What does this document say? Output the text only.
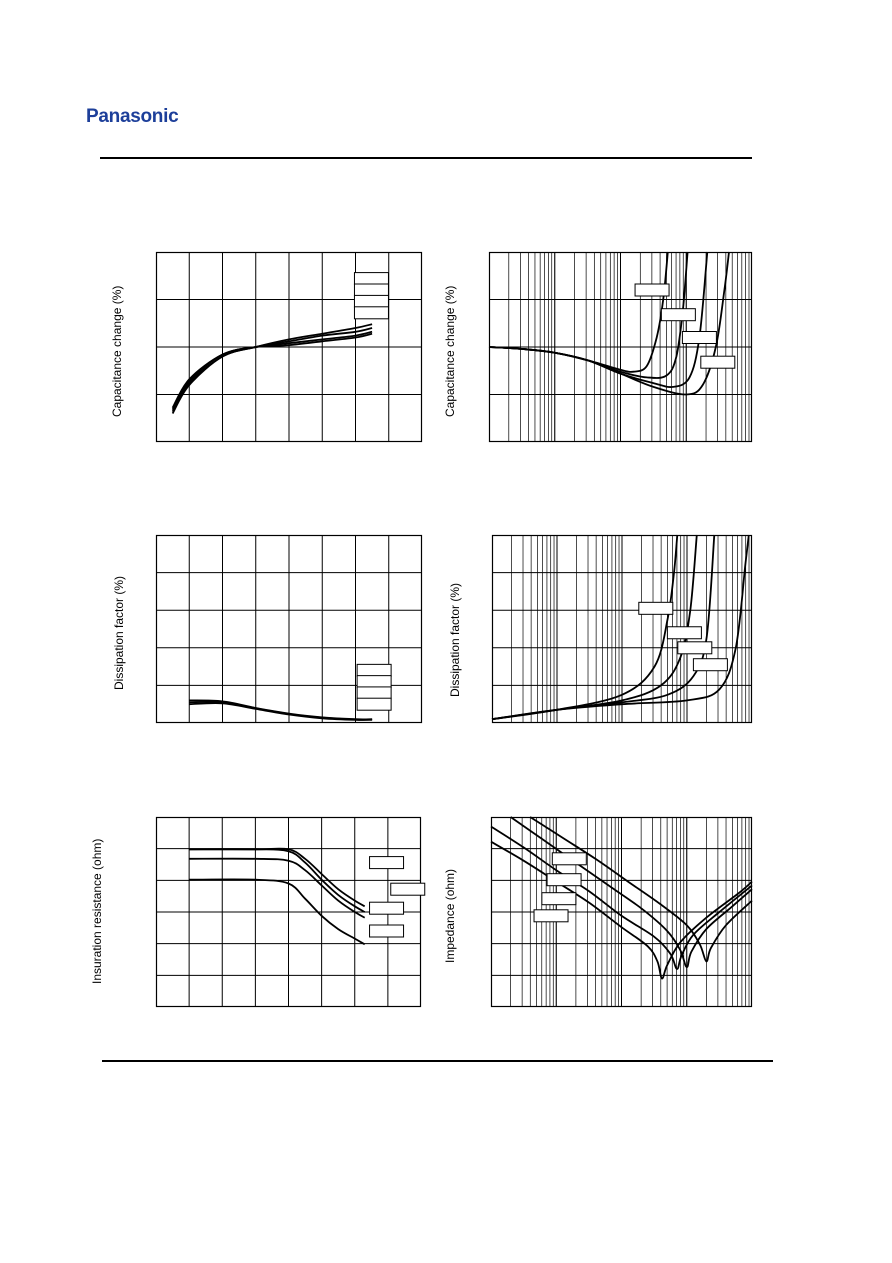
Panasonic
Capacitance change (%)	Capacitance change (%)
Dissipation factor (%)	Dissipation factor (%)
Insuration resistance (ohm)	Impedance (ohm)
